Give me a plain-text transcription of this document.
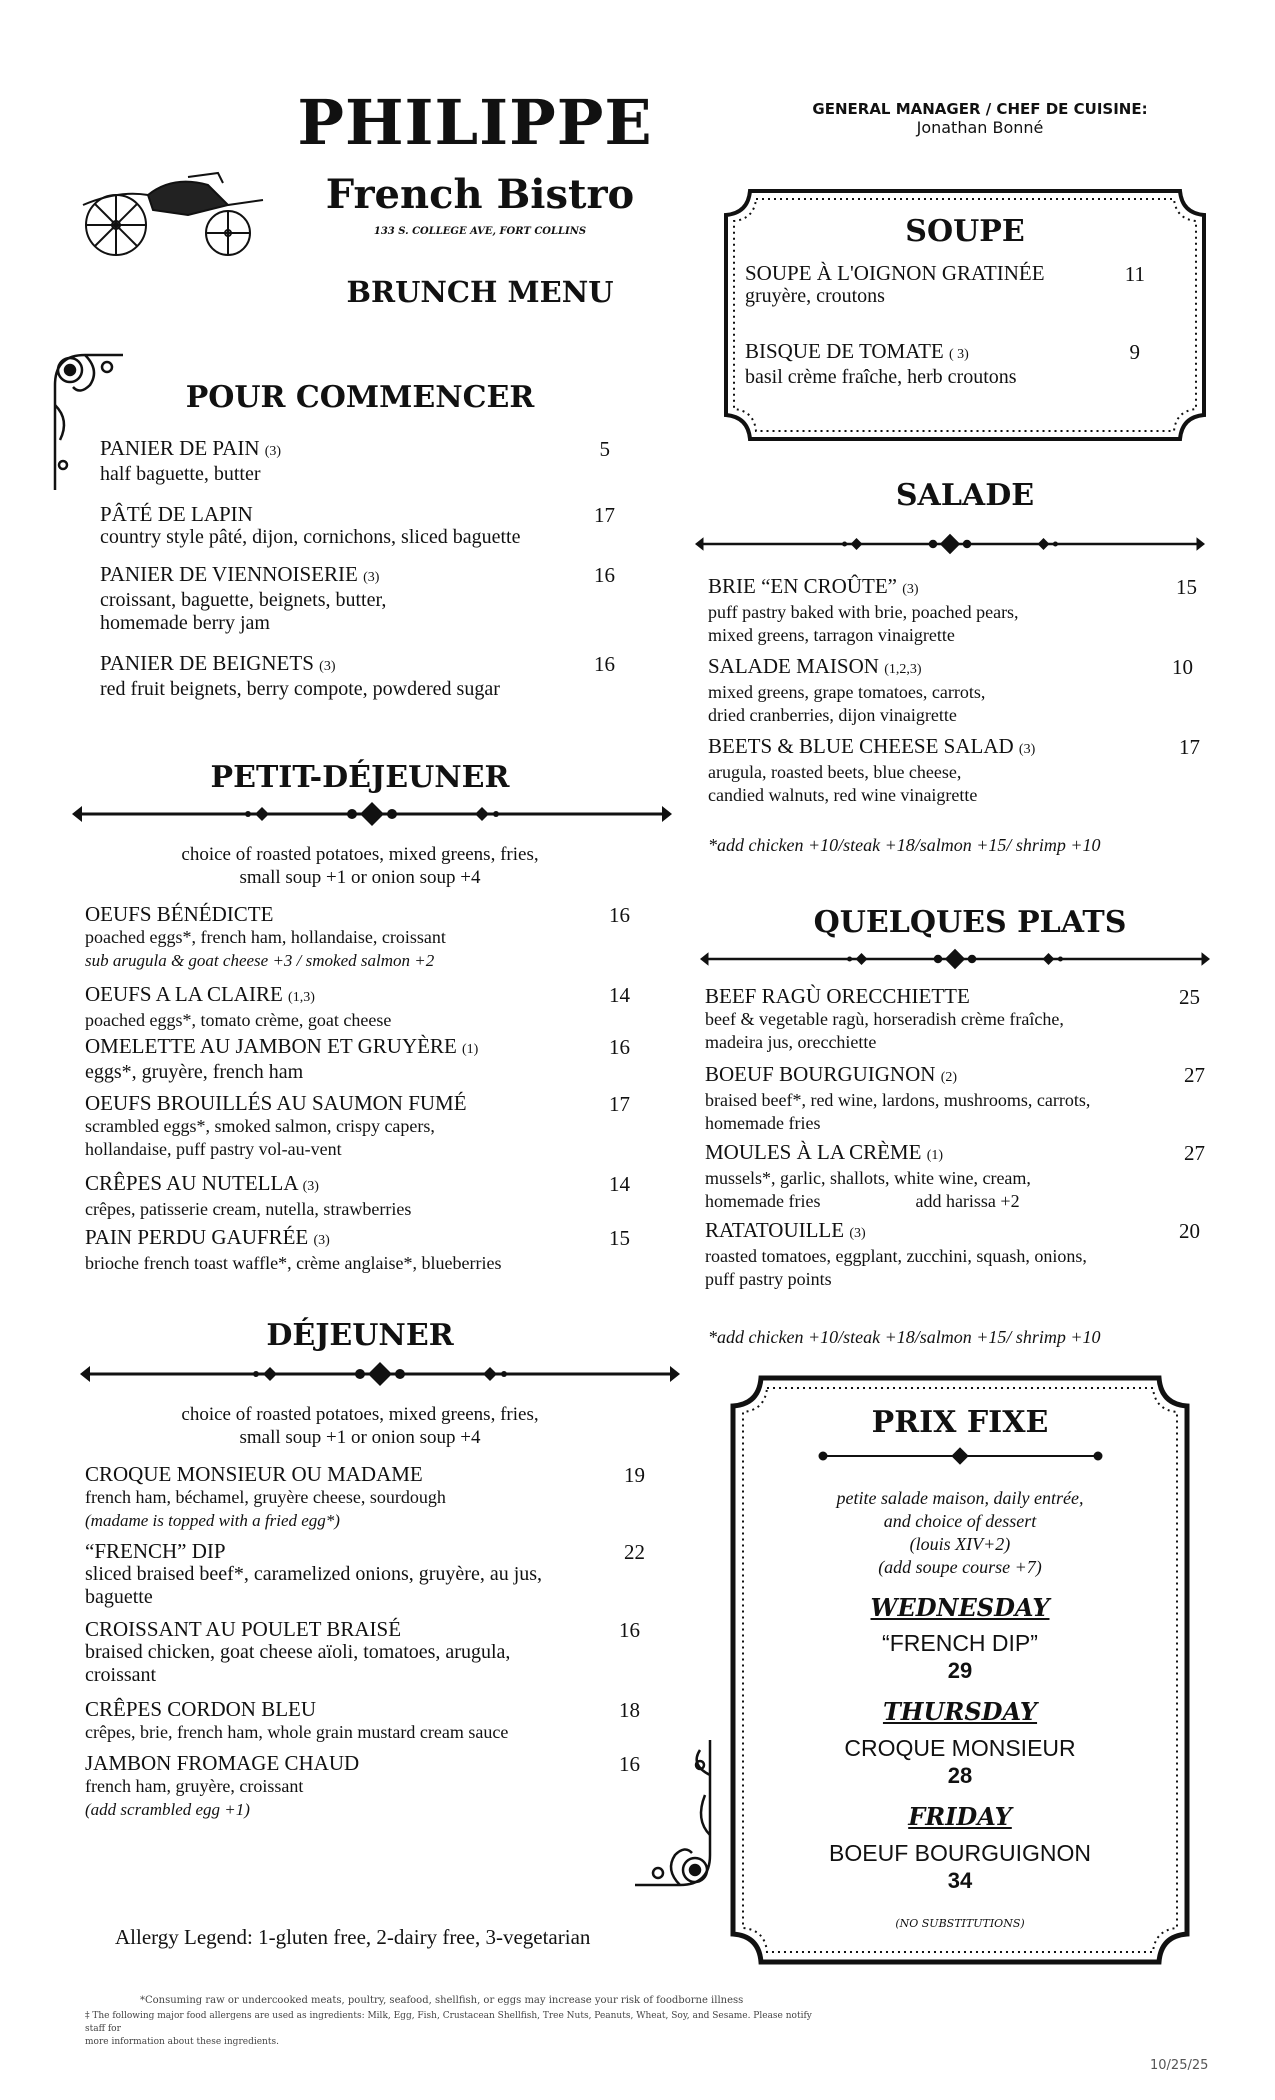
PHILIPPE
French Bistro
133 S. COLLEGE AVE, FORT COLLINS
BRUNCH MENU
GENERAL MANAGER / CHEF DE CUISINE:
Jonathan Bonné
POUR COMMENCER
PANIER DE PAIN (3)
half baguette, butter
5
PÂTÉ DE LAPIN
country style pâté, dijon, cornichons, sliced baguette
17
PANIER DE VIENNOISERIE (3)
croissant, baguette, beignets, butter,
homemade berry jam
16
PANIER DE BEIGNETS (3)
red fruit beignets, berry compote, powdered sugar
16
PETIT-DÉJEUNER
choice of roasted potatoes, mixed greens, fries,
small soup +1 or onion soup +4
OEUFS BÉNÉDICTE
poached eggs*, french ham, hollandaise, croissant
sub arugula & goat cheese +3 / smoked salmon +2
16
OEUFS A LA CLAIRE (1,3)
poached eggs*, tomato crème, goat cheese
14
OMELETTE AU JAMBON ET GRUYÈRE (1)
eggs*, gruyère, french ham
16
OEUFS BROUILLÉS AU SAUMON FUMÉ
scrambled eggs*, smoked salmon, crispy capers,
hollandaise, puff pastry vol-au-vent
17
CRÊPES AU NUTELLA (3)
crêpes, patisserie cream, nutella, strawberries
14
PAIN PERDU GAUFRÉE (3)
brioche french toast waffle*, crème anglaise*, blueberries
15
DÉJEUNER
choice of roasted potatoes, mixed greens, fries,
small soup +1 or onion soup +4
CROQUE MONSIEUR OU MADAME
french ham, béchamel, gruyère cheese, sourdough
(madame is topped with a fried egg*)
19
“FRENCH” DIP
sliced braised beef*, caramelized onions, gruyère, au jus,
baguette
22
CROISSANT AU POULET BRAISÉ
braised chicken, goat cheese aïoli, tomatoes, arugula,
croissant
16
CRÊPES CORDON BLEU
crêpes, brie, french ham, whole grain mustard cream sauce
18
JAMBON FROMAGE CHAUD
french ham, gruyère, croissant
(add scrambled egg +1)
16
Allergy Legend: 1-gluten free, 2-dairy free, 3-vegetarian
SOUPE
SOUPE À L'OIGNON GRATINÉE
gruyère, croutons
11
BISQUE DE TOMATE ( 3)
basil crème fraîche, herb croutons
9
SALADE
BRIE “EN CROÛTE” (3)
puff pastry baked with brie, poached pears,
mixed greens, tarragon vinaigrette
15
SALADE MAISON (1,2,3)
mixed greens, grape tomatoes, carrots,
dried cranberries, dijon vinaigrette
10
BEETS & BLUE CHEESE SALAD (3)
arugula, roasted beets, blue cheese,
candied walnuts, red wine vinaigrette
17
*add chicken +10/steak +18/salmon +15/ shrimp +10
QUELQUES PLATS
BEEF RAGÙ ORECCHIETTE
beef & vegetable ragù, horseradish crème fraîche,
madeira jus, orecchiette
25
BOEUF BOURGUIGNON (2)
braised beef*, red wine, lardons, mushrooms, carrots,
homemade fries
27
MOULES À LA CRÈME (1)
mussels*, garlic, shallots, white wine, cream,
homemade fries	add harissa +2
27
RATATOUILLE (3)
roasted tomatoes, eggplant, zucchini, squash, onions,
puff pastry points
20
*add chicken +10/steak +18/salmon +15/ shrimp +10
PRIX FIXE
petite salade maison, daily entrée,
and choice of dessert
(louis XIV+2)
(add soupe course +7)
WEDNESDAY
“FRENCH DIP”
29
THURSDAY
CROQUE MONSIEUR
28
FRIDAY
BOEUF BOURGUIGNON
34
(NO SUBSTITUTIONS)
*Consuming raw or undercooked meats, poultry, seafood, shellfish, or eggs may increase your risk of foodborne illness
‡ The following major food allergens are used as ingredients: Milk, Egg, Fish, Crustacean Shellfish, Tree Nuts, Peanuts, Wheat, Soy, and Sesame. Please notify staff for
more information about these ingredients.
10/25/25
